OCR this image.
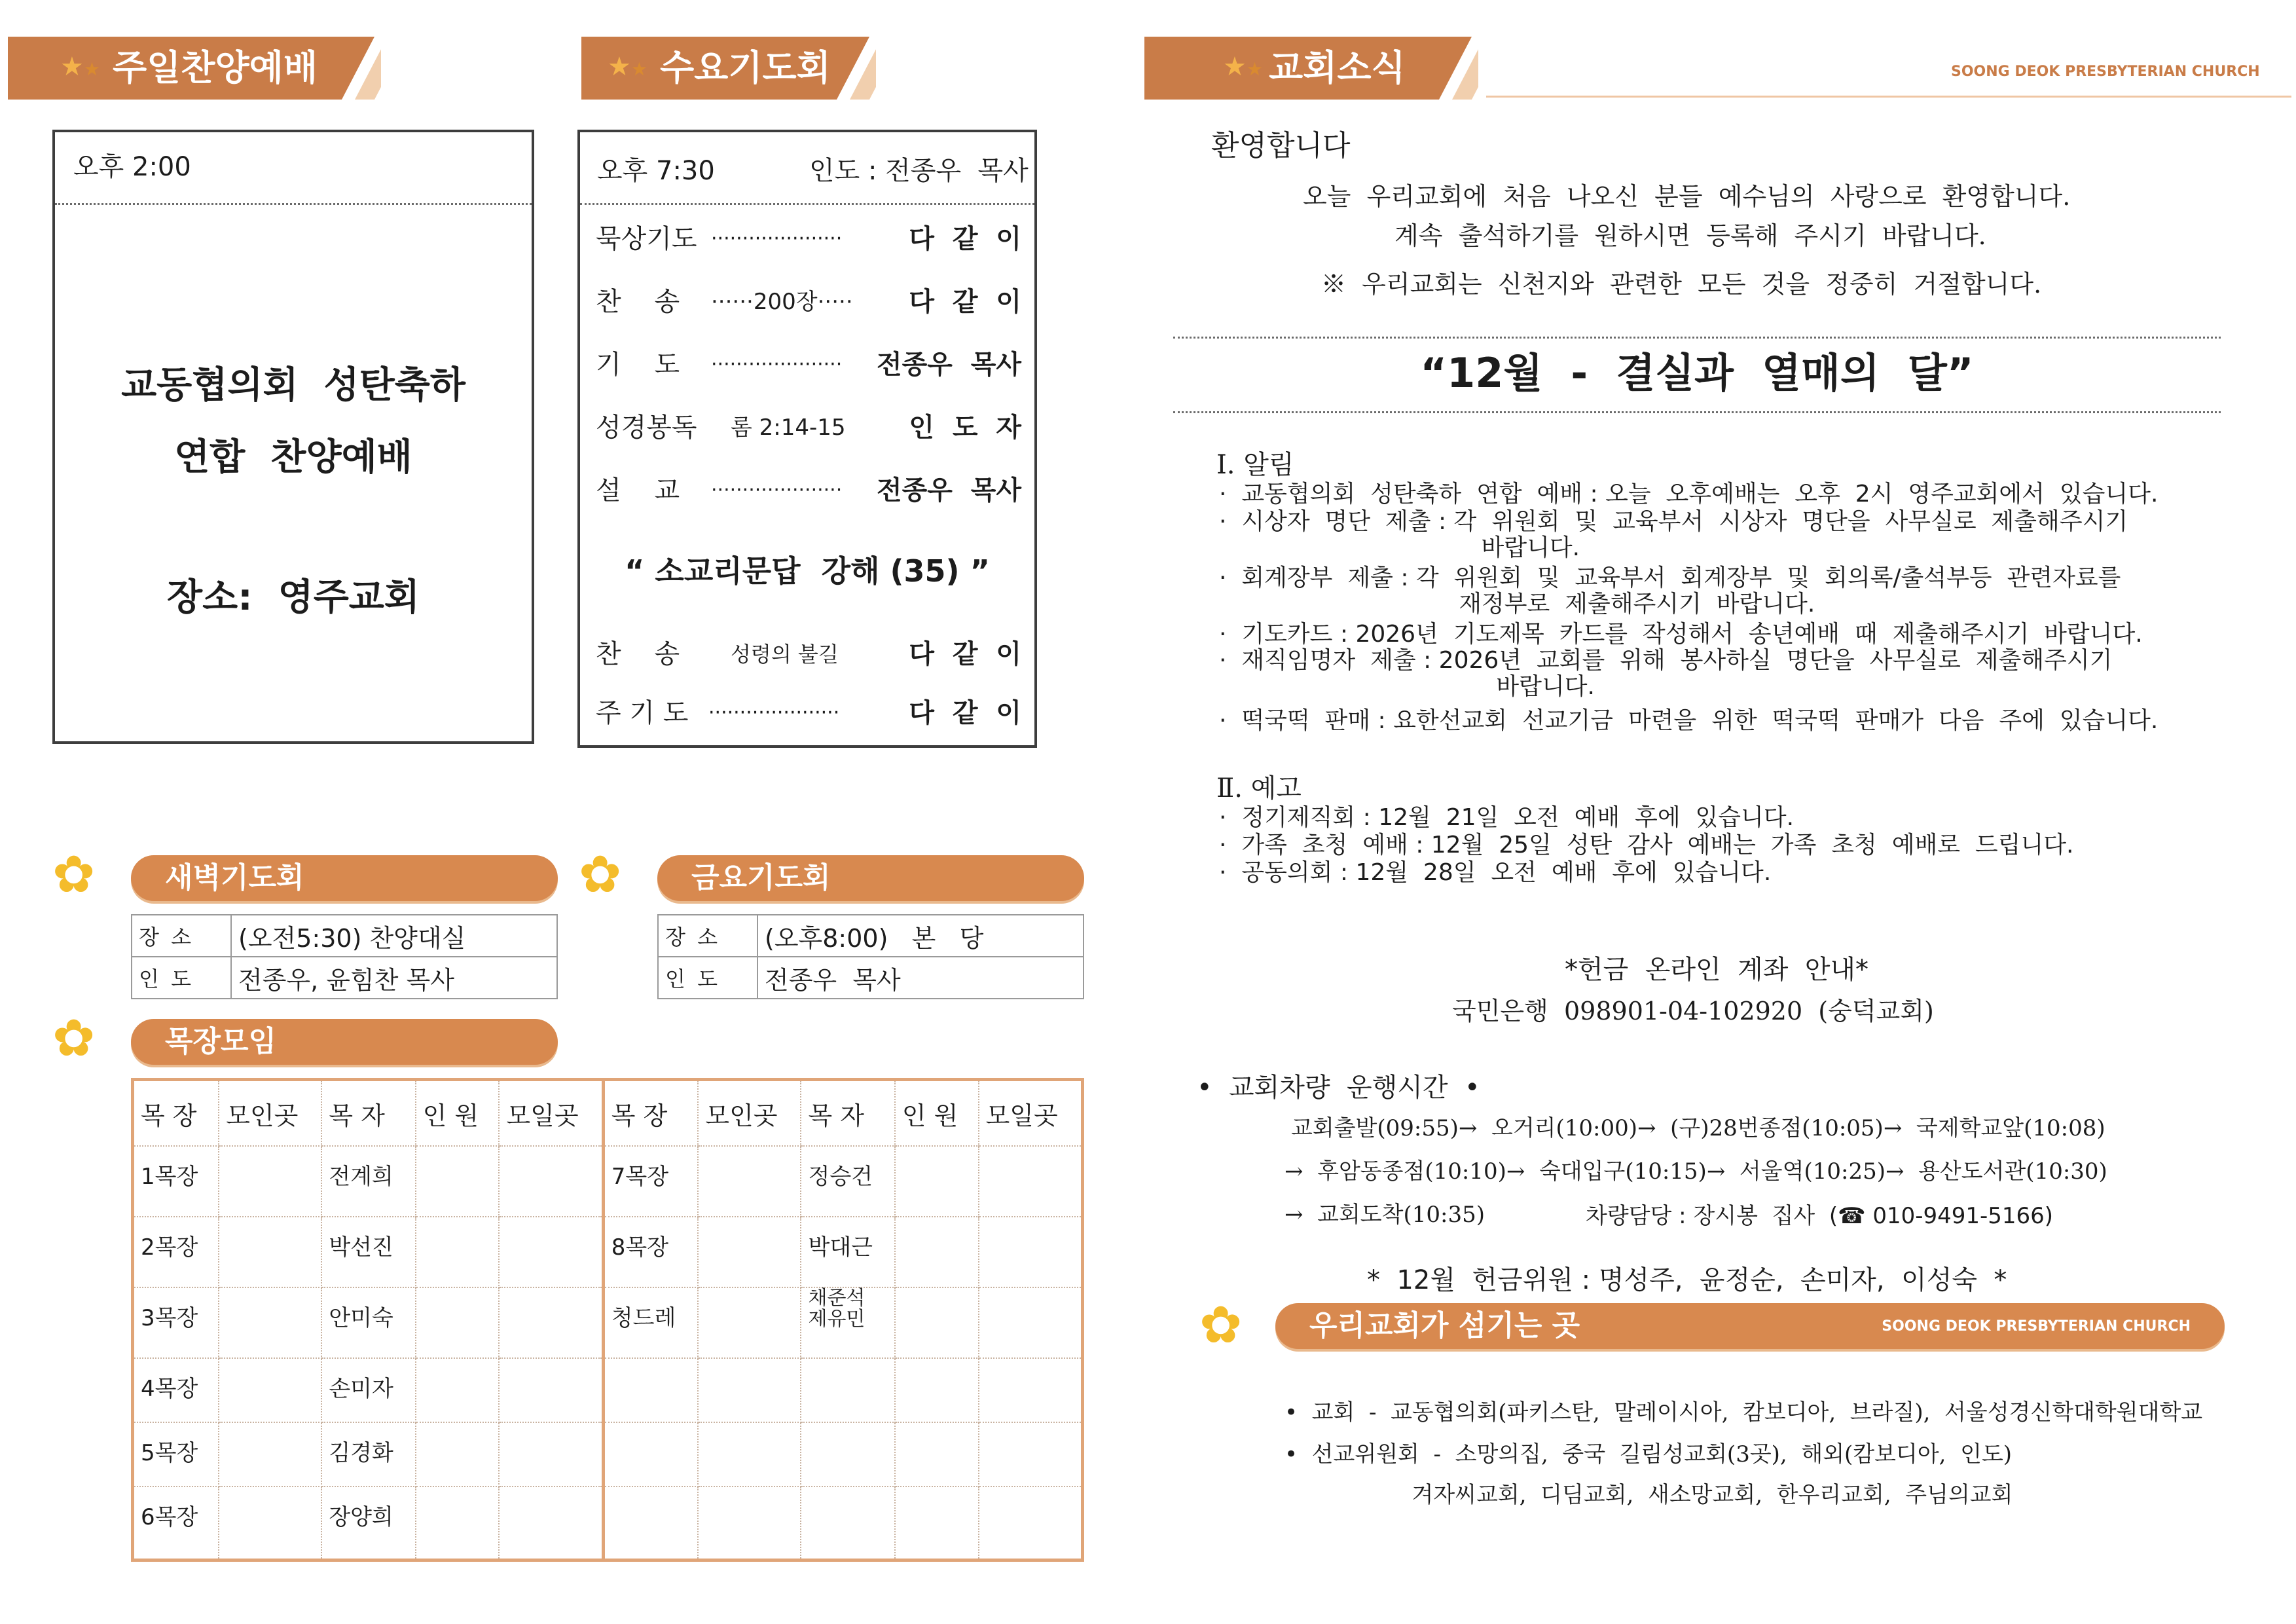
★★ 주일찬양예배
오후 2:00
교동협의회  성탄축하
연합  찬양예배
장소:  영주교회
✿ 새벽기도회
장 소	(오전5:30) 찬양대실
인 도	전종우, 윤힘찬 목사
✿ 목장모임
목 장	모인곳	목 자	인 원	모일곳	목 장	모인곳	목 자	인 원	모일곳
1목장		전계희			7목장		정승건		
2목장		박선진			8목장		박대근		
3목장		안미숙			청드레		채준석
제유민		
4목장		손미자							
5목장		김경화							
6목장		장양희							
★★ 수요기도회
오후 7:30	인도 : 전종우  목사
묵상기도 ·····················	다  같  이
찬    송 ······200장····· 다  같  이
기    도 ····················· 전종우  목사
성경봉독 롬 2:14-15 인  도  자
설    교 ····················· 전종우  목사
“ 소교리문답  강해 (35) ”
찬    송 성령의 불길	다  같  이
주 기 도 ·····················	다  같  이
✿ 금요기도회
장 소	(오후8:00)   본   당
인 도	전종우  목사
★★ 교회소식	SOONG DEOK PRESBYTERIAN CHURCH
환영합니다
오늘  우리교회에  처음  나오신  분들  예수님의  사랑으로  환영합니다.
계속  출석하기를  원하시면  등록해  주시기  바랍니다.
※  우리교회는  신천지와  관련한  모든  것을  정중히  거절합니다.
“12월  -  결실과  열매의  달”
Ⅰ. 알림
·  교동협의회  성탄축하  연합  예배 : 오늘  오후예배는  오후  2시  영주교회에서  있습니다.
·  시상자  명단  제출 : 각  위원회  및  교육부서  시상자  명단을  사무실로  제출해주시기
바랍니다.
·  회계장부  제출 : 각  위원회  및  교육부서  회계장부  및  회의록/출석부등  관련자료를
재정부로  제출해주시기  바랍니다.
·  기도카드 : 2026년  기도제목  카드를  작성해서  송년예배  때  제출해주시기  바랍니다.
·  재직임명자  제출 : 2026년  교회를  위해  봉사하실  명단을  사무실로  제출해주시기
바랍니다.
·  떡국떡  판매 : 요한선교회  선교기금  마련을  위한  떡국떡  판매가  다음  주에  있습니다.
Ⅱ. 예고
·  정기제직회 : 12월  21일  오전  예배  후에  있습니다.
·  가족  초청  예배 : 12월  25일  성탄  감사  예배는  가족  초청  예배로  드립니다.
·  공동의회 : 12월  28일  오전  예배  후에  있습니다.
*헌금  온라인  계좌  안내*
국민은행  098901-04-102920  (숭덕교회)
•  교회차량  운행시간  •
교회출발(09:55)→  오거리(10:00)→  (구)28번종점(10:05)→  국제학교앞(10:08)
→  후암동종점(10:10)→  숙대입구(10:15)→  서울역(10:25)→  용산도서관(10:30)
→  교회도착(10:35)	차량담당 : 장시봉  집사  (☎ 010-9491-5166)
*  12월  헌금위원 : 명성주,  윤정순,  손미자,  이성숙  *
✿ 우리교회가 섬기는 곳	SOONG DEOK PRESBYTERIAN CHURCH
•  교회  -  교동협의회(파키스탄,  말레이시아,  캄보디아,  브라질),  서울성경신학대학원대학교
•  선교위원회  -  소망의집,  중국  길림성교회(3곳),  해외(캄보디아,  인도)
겨자씨교회,  디딤교회,  새소망교회,  한우리교회,  주님의교회
